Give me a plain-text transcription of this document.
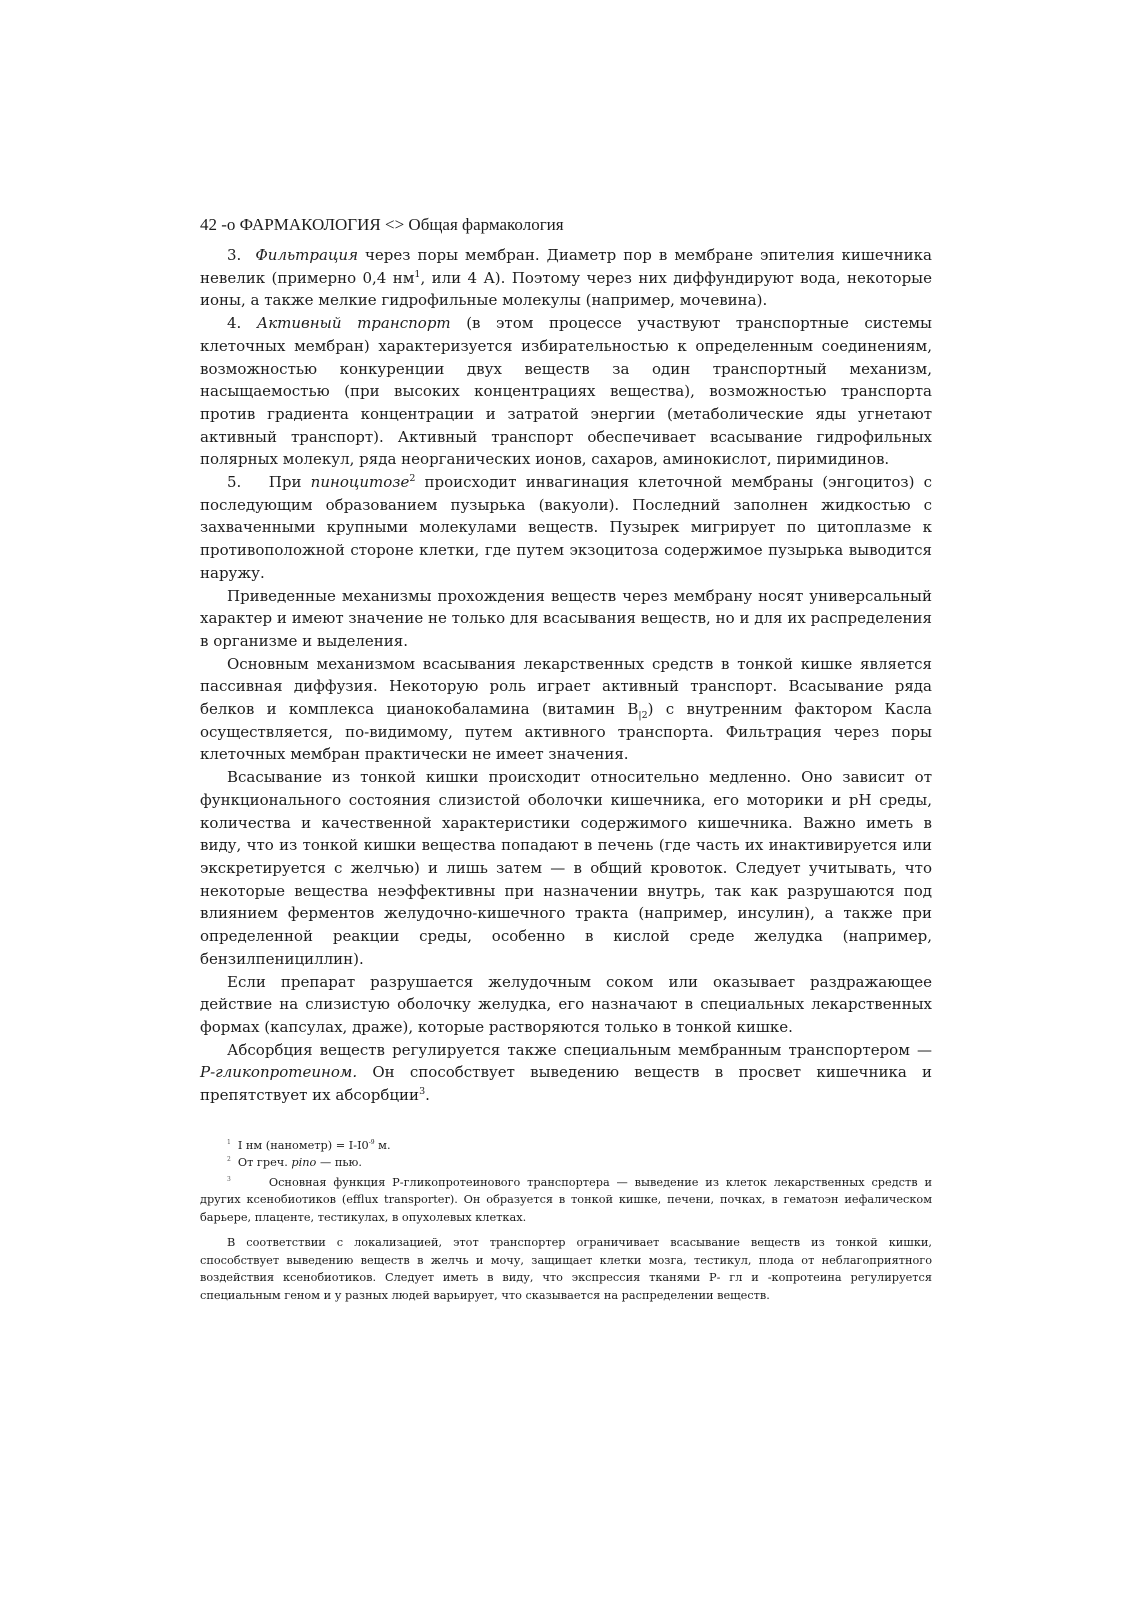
42 -о ФАРМАКОЛОГИЯ <> Общая фармакология

3. Фильтрация через поры мембран. Диаметр пор в мембране эпителия кишечника невелик (примерно 0,4 $нм^1$, или 4 А). Поэтому через них диффундируют вода, некоторые ионы, а также мелкие гидрофильные молекулы (например, мочевина).

4. Активный транспорт (в этом процессе участвуют транспортные системы клеточных мембран) характеризуется избирательностью к определенным соединениям, возможностью конкуренции двух веществ за один транспортный механизм, насыщаемостью (при высоких концентрациях вещества), возможностью транспорта против градиента концентрации и затратой энергии (метаболические яды угнетают активный транспорт). Активный транспорт обеспечивает всасывание гидрофильных полярных молекул, ряда неорганических ионов, сахаров, аминокислот, пиримидинов.

5. При пиноцитозе$^2$ происходит инвагинация клеточной мембраны (энгоцитоз) с последующим образованием пузырька (вакуоли). Последний заполнен жидкостью с захваченными крупными молекулами веществ. Пузырек мигрирует по цитоплазме к противоположной стороне клетки, где путем экзоцитоза содержимое пузырька выводится наружу.

Приведенные механизмы прохождения веществ через мембрану носят универсальный характер и имеют значение не только для всасывания веществ, но и для их распределения в организме и выделения.

Основным механизмом всасывания лекарственных средств в тонкой кишке является пассивная диффузия. Некоторую роль играет активный транспорт. Всасывание ряда белков и комплекса цианокобаламина (витамин $В_{|2}$) с внутренним фактором Касла осуществляется, по-видимому, путем активного транспорта. Фильтрация через поры клеточных мембран практически не имеет значения.

Всасывание из тонкой кишки происходит относительно медленно. Оно зависит от функционального состояния слизистой оболочки кишечника, его моторики и рН среды, количества и качественной характеристики содержимого кишечника. Важно иметь в виду, что из тонкой кишки вещества попадают в печень (где часть их инактивируется или экскретируется с желчью) и лишь затем — в общий кровоток. Следует учитывать, что некоторые вещества неэффективны при назначении внутрь, так как разрушаются под влиянием ферментов желудочно-кишечного тракта (например, инсулин), а также при определенной реакции среды, особенно в кислой среде желудка (например, бензилпенициллин).

Если препарат разрушается желудочным соком или оказывает раздражающее действие на слизистую оболочку желудка, его назначают в специальных лекарственных формах (капсулах, драже), которые растворяются только в тонкой кишке.

Абсорбция веществ регулируется также специальным мембранным транспортером — Р-гликопротеином. Он способствует выведению веществ в просвет кишечника и препятствует их абсорбции$^3$.

$^1$ I нм (нанометр) = $I-I0^{-9}$ м.

$^2$ От греч. pino — пью.

$^3$	Основная функция Р-гликопротеинового транспортера — выведение из клеток лекарственных средств и других ксенобиотиков (efflux transporter). Он образуется в тонкой кишке, печени, почках, в гематоэн иефалическом барьере, плаценте, тестикулах, в опухолевых клетках.

В соответствии с локализацией, этот транспортер ограничивает всасывание веществ из тонкой кишки, способствует выведению веществ в желчь и мочу, защищает клетки мозга, тестикул, плода от неблагоприятного воздействия ксенобиотиков. Следует иметь в виду, что экспрессия тканями Р- гл и -копротеина регулируется специальным геном и у разных людей варьирует, что сказывается на распределении веществ.
